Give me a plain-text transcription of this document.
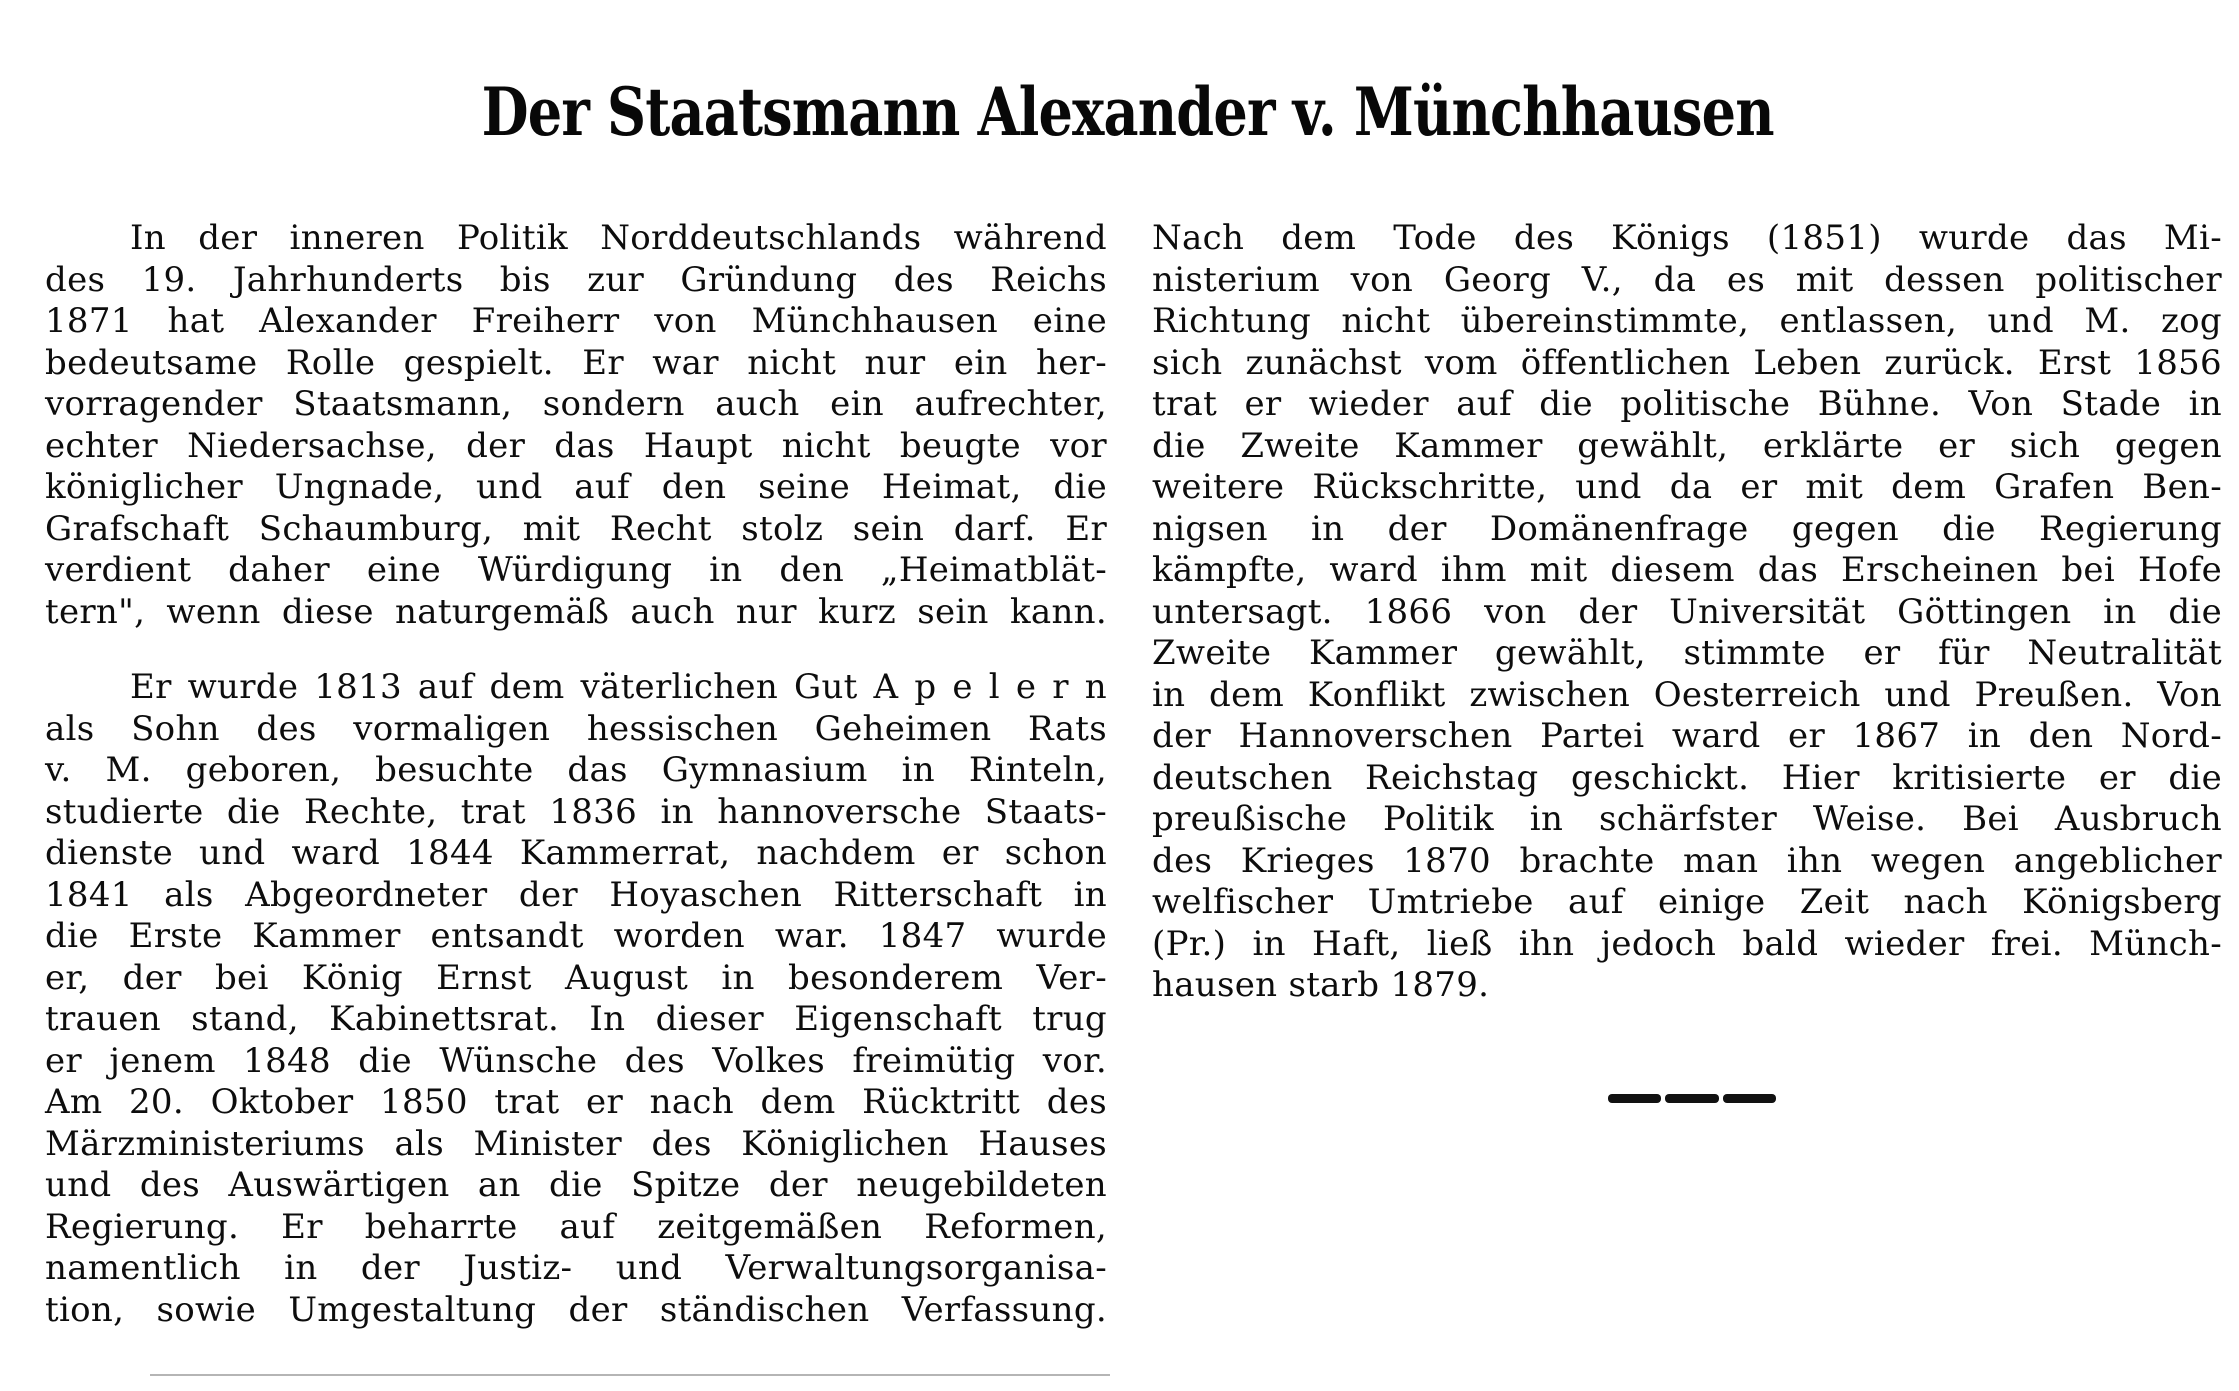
Der Staatsmann Alexander v. Münchhausen

In der inneren Politik Norddeutschlands während
des 19. Jahrhunderts bis zur Gründung des Reichs
1871 hat Alexander Freiherr von Münchhausen eine
bedeutsame Rolle gespielt. Er war nicht nur ein her-
vorragender Staatsmann, sondern auch ein aufrechter,
echter Niedersachse, der das Haupt nicht beugte vor
königlicher Ungnade, und auf den seine Heimat, die
Grafschaft Schaumburg, mit Recht stolz sein darf. Er
verdient daher eine Würdigung in den „Heimatblät-
tern", wenn diese naturgemäß auch nur kurz sein kann.

Er wurde 1813 auf dem väterlichen Gut A p e l e r n
als Sohn des vormaligen hessischen Geheimen Rats
v. M. geboren, besuchte das Gymnasium in Rinteln,
studierte die Rechte, trat 1836 in hannoversche Staats-
dienste und ward 1844 Kammerrat, nachdem er schon
1841 als Abgeordneter der Hoyaschen Ritterschaft in
die Erste Kammer entsandt worden war. 1847 wurde
er, der bei König Ernst August in besonderem Ver-
trauen stand, Kabinettsrat. In dieser Eigenschaft trug
er jenem 1848 die Wünsche des Volkes freimütig vor.
Am 20. Oktober 1850 trat er nach dem Rücktritt des
Märzministeriums als Minister des Königlichen Hauses
und des Auswärtigen an die Spitze der neugebildeten
Regierung. Er beharrte auf zeitgemäßen Reformen,
namentlich in der Justiz- und Verwaltungsorganisa-
tion, sowie Umgestaltung der ständischen Verfassung.

Nach dem Tode des Königs (1851) wurde das Mi-
nisterium von Georg V., da es mit dessen politischer
Richtung nicht übereinstimmte, entlassen, und M. zog
sich zunächst vom öffentlichen Leben zurück. Erst 1856
trat er wieder auf die politische Bühne. Von Stade in
die Zweite Kammer gewählt, erklärte er sich gegen
weitere Rückschritte, und da er mit dem Grafen Ben-
nigsen in der Domänenfrage gegen die Regierung
kämpfte, ward ihm mit diesem das Erscheinen bei Hofe
untersagt. 1866 von der Universität Göttingen in die
Zweite Kammer gewählt, stimmte er für Neutralität
in dem Konflikt zwischen Oesterreich und Preußen. Von
der Hannoverschen Partei ward er 1867 in den Nord-
deutschen Reichstag geschickt. Hier kritisierte er die
preußische Politik in schärfster Weise. Bei Ausbruch
des Krieges 1870 brachte man ihn wegen angeblicher
welfischer Umtriebe auf einige Zeit nach Königsberg
(Pr.) in Haft, ließ ihn jedoch bald wieder frei. Münch-
hausen starb 1879.
